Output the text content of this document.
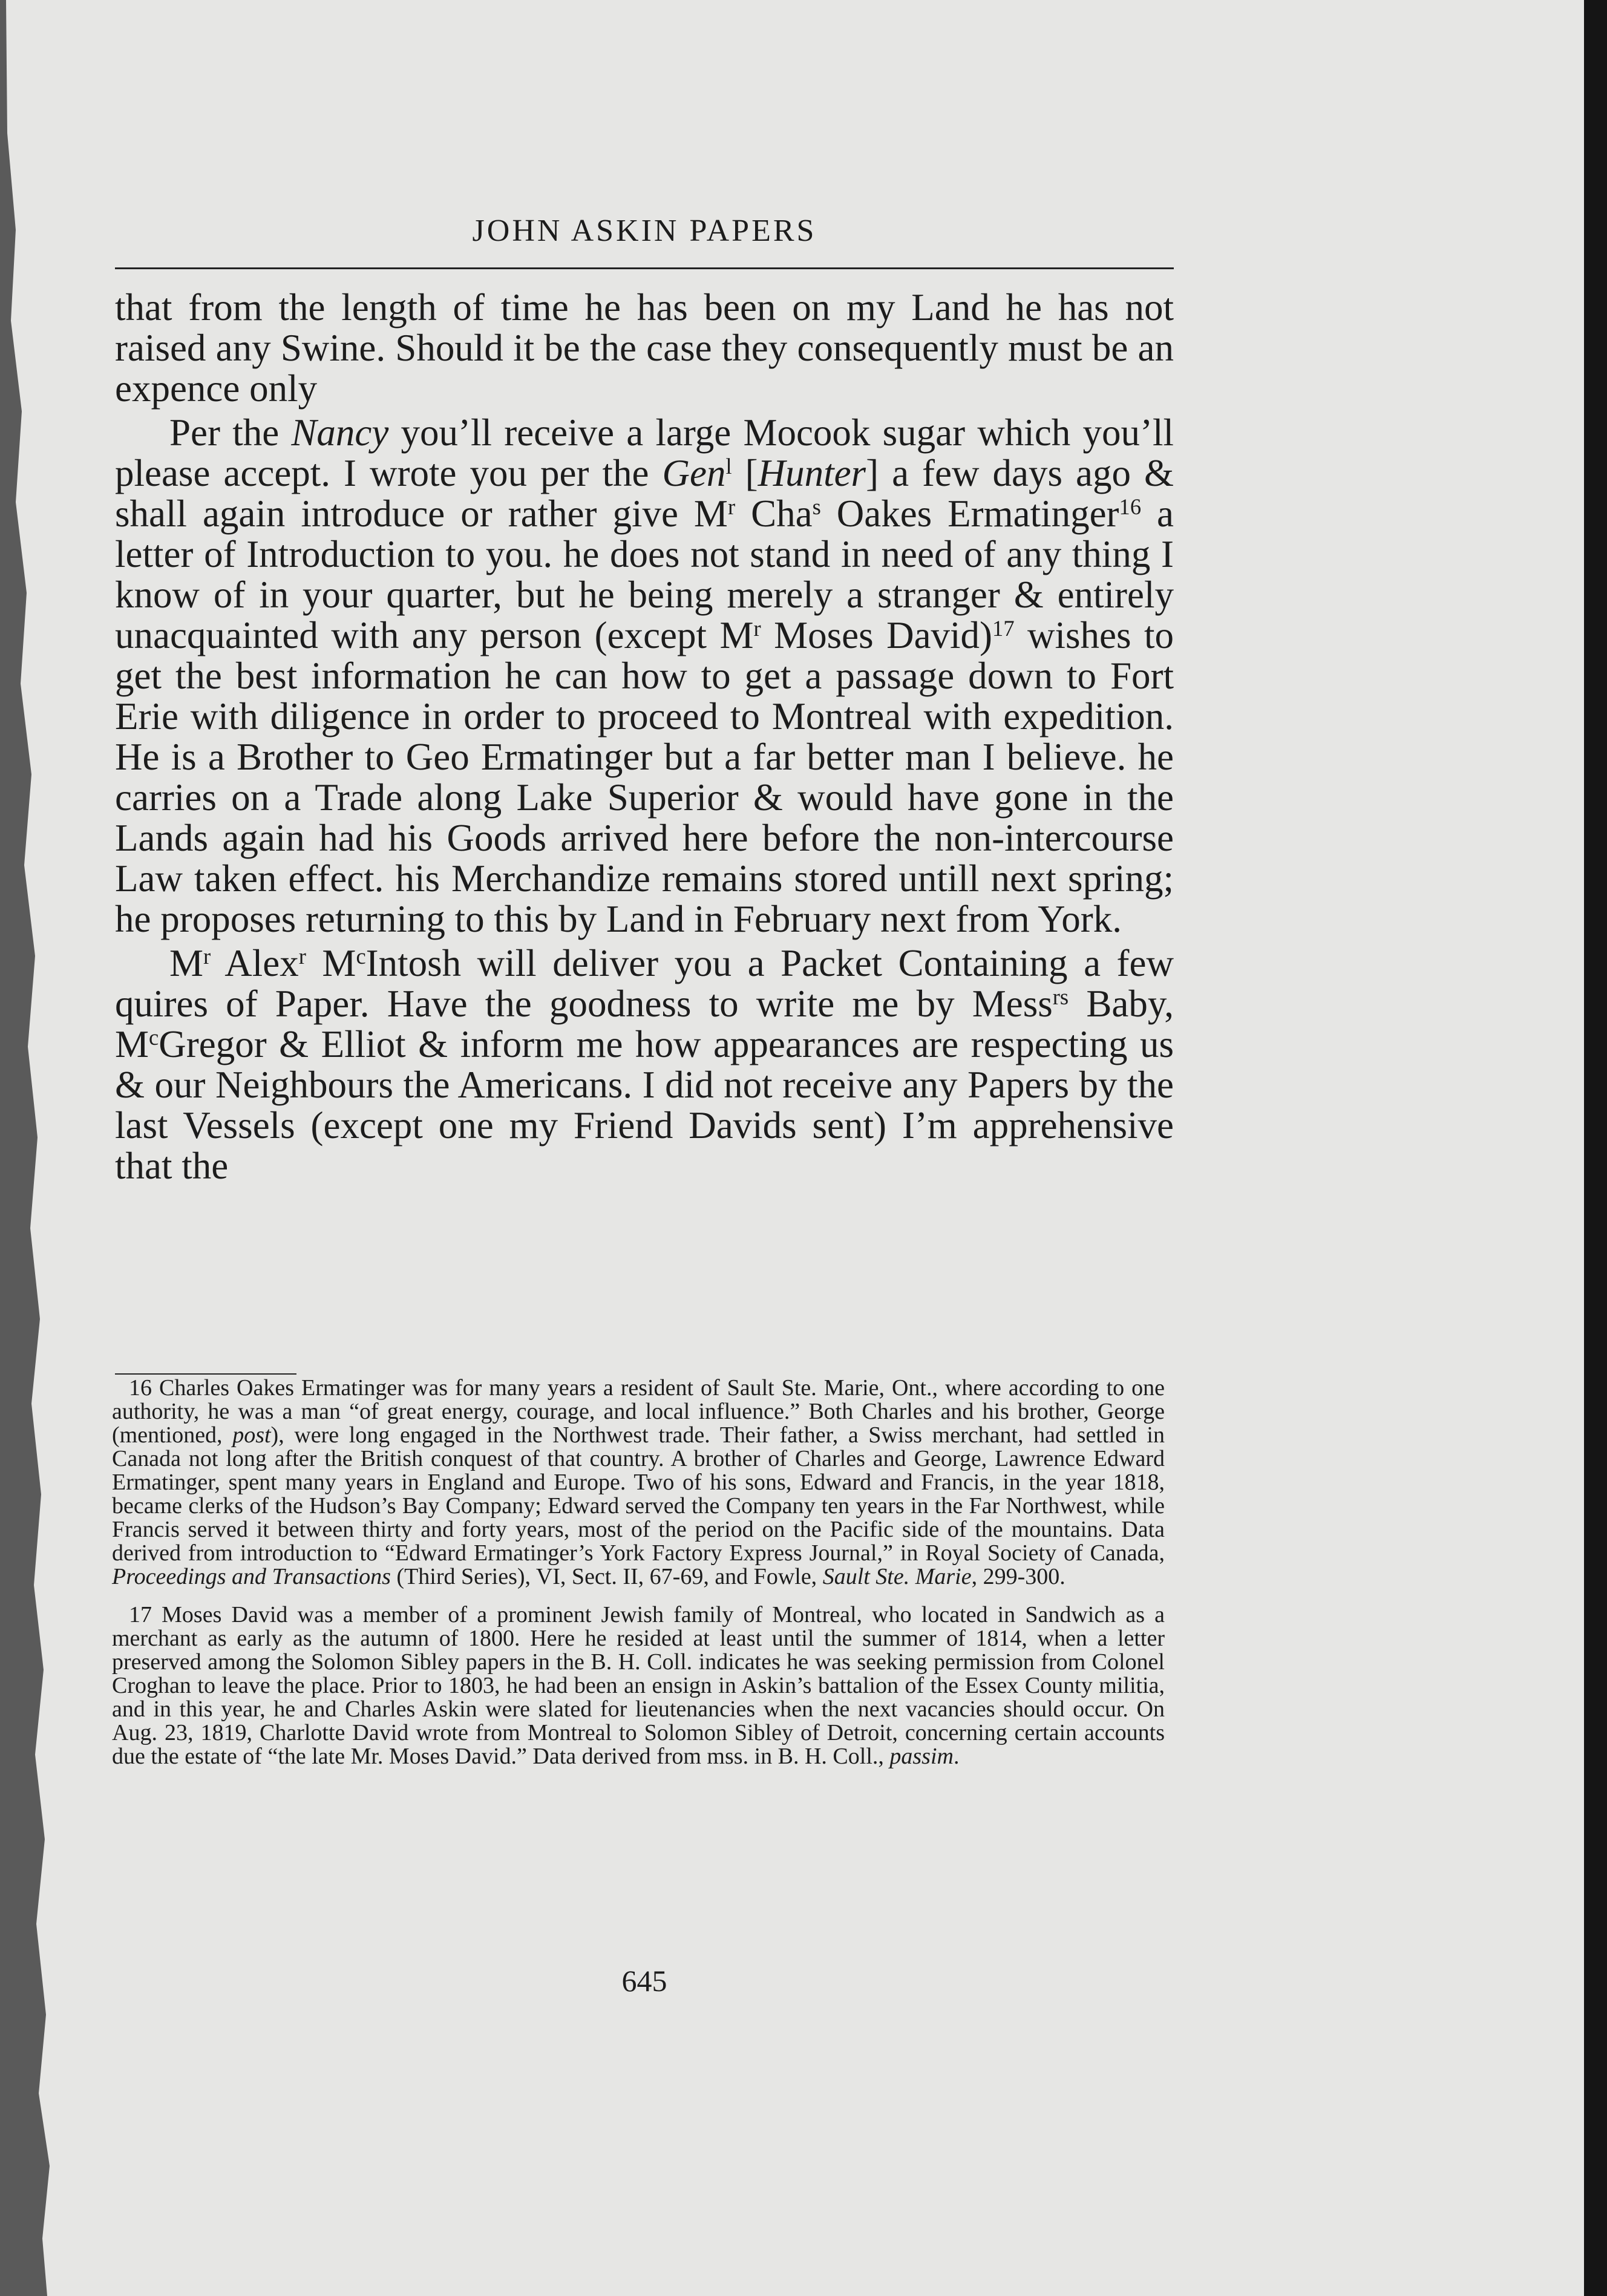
JOHN ASKIN PAPERS

that from the length of time he has been on my Land he has not raised any Swine. Should it be the case they consequently must be an expence only

Per the Nancy you’ll receive a large Mocook sugar which you’ll please accept. I wrote you per the Gen$^l$ [Hunter] a few days ago & shall again introduce or rather give $M^r$ Cha$^s$ Oakes Ermatinger$^{16}$ a letter of Introduction to you. he does not stand in need of any thing I know of in your quarter, but he being merely a stranger & entirely unacquainted with any person (except $M^r$ Moses David)$^{17}$ wishes to get the best information he can how to get a passage down to Fort Erie with diligence in order to proceed to Montreal with expedition. He is a Brother to Geo Ermatinger but a far better man I believe. he carries on a Trade along Lake Superior & would have gone in the Lands again had his Goods arrived here before the non-intercourse Law taken effect. his Merchandize remains stored untill next spring; he proposes returning to this by Land in February next from York.

$M^r$ Alex$^r$ $M^cIntosh$ will deliver you a Packet Containing a few quires of Paper. Have the goodness to write me by Mess$^{rs}$ Baby, $M^cGregor$ & Elliot & inform me how appearances are respecting us & our Neighbours the Americans. I did not receive any Papers by the last Vessels (except one my Friend Davids sent) I’m apprehensive that the

16 Charles Oakes Ermatinger was for many years a resident of Sault Ste. Marie, Ont., where according to one authority, he was a man “of great energy, courage, and local influence.” Both Charles and his brother, George (mentioned, post), were long engaged in the Northwest trade. Their father, a Swiss merchant, had settled in Canada not long after the British conquest of that country. A brother of Charles and George, Lawrence Edward Ermatinger, spent many years in England and Europe. Two of his sons, Edward and Francis, in the year 1818, became clerks of the Hudson’s Bay Company; Edward served the Company ten years in the Far Northwest, while Francis served it between thirty and forty years, most of the period on the Pacific side of the mountains. Data derived from introduction to “Edward Ermatinger’s York Factory Express Journal,” in Royal Society of Canada, Proceedings and Transactions (Third Series), VI, Sect. II, 67-69, and Fowle, Sault Ste. Marie, 299-300.

17 Moses David was a member of a prominent Jewish family of Montreal, who located in Sandwich as a merchant as early as the autumn of 1800. Here he resided at least until the summer of 1814, when a letter preserved among the Solomon Sibley papers in the B. H. Coll. indicates he was seeking permission from Colonel Croghan to leave the place. Prior to 1803, he had been an ensign in Askin’s battalion of the Essex County militia, and in this year, he and Charles Askin were slated for lieutenancies when the next vacancies should occur. On Aug. 23, 1819, Charlotte David wrote from Montreal to Solomon Sibley of Detroit, concerning certain accounts due the estate of “the late Mr. Moses David.” Data derived from mss. in B. H. Coll., passim.

645
